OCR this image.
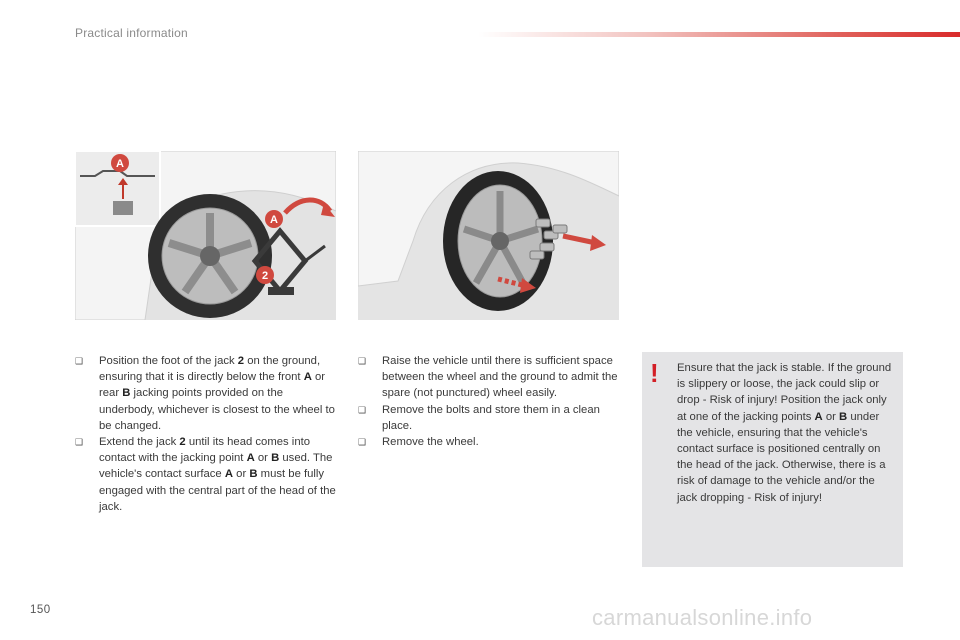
Practical information
A
A
2

❑ Position the foot of the jack 2 on the ground, ensuring that it is directly below the front A or rear B jacking points provided on the underbody, whichever is closest to the wheel to be changed.

❑ Extend the jack 2 until its head comes into contact with the jacking point A or B used. The vehicle's contact surface A or B must be fully engaged with the central part of the head of the jack.

❑ Raise the vehicle until there is sufficient space between the wheel and the ground to admit the spare (not punctured) wheel easily.

❑ Remove the bolts and store them in a clean place.

❑ Remove the wheel.

! Ensure that the jack is stable. If the ground is slippery or loose, the jack could slip or drop - Risk of injury! Position the jack only at one of the jacking points A or B under the vehicle, ensuring that the vehicle's contact surface is positioned centrally on the head of the jack. Otherwise, there is a risk of damage to the vehicle and/or the jack dropping - Risk of injury!
150	carmanualsonline.info
